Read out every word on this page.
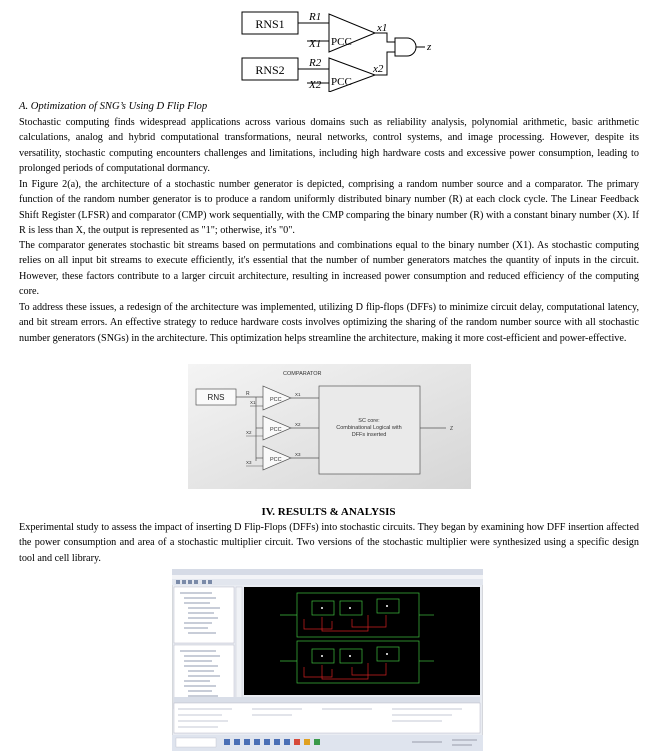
RNS1
RNS2
R1
R2
X1
X2
PCC
PCC
x1
x2
z
A. Optimization of SNG’s Using D Flip Flop

Stochastic computing finds widespread applications across various domains such as reliability analysis, polynomial arithmetic, basic arithmetic calculations, analog and hybrid computational transformations, neural networks, control systems, and image processing. However, despite its versatility, stochastic computing encounters challenges and limitations, including high hardware costs and excessive power consumption, leading to prolonged periods of computational dormancy.

In Figure 2(a), the architecture of a stochastic number generator is depicted, comprising a random number source and a comparator. The primary function of the random number generator is to produce a random uniformly distributed binary number (R) at each clock cycle. The Linear Feedback Shift Register (LFSR) and comparator (CMP) work sequentially, with the CMP comparing the binary number (R) with a constant binary number (X). If R is less than X, the output is represented as "1"; otherwise, it's "0".

The comparator generates stochastic bit streams based on permutations and combinations equal to the binary number (X1). As stochastic computing relies on all input bit streams to execute efficiently, it's essential that the number of number generators matches the quantity of inputs in the circuit. However, these factors contribute to a larger circuit architecture, resulting in increased power consumption and reduced efficiency of the computing core.

To address these issues, a redesign of the architecture was implemented, utilizing D flip-flops (DFFs) to minimize circuit delay, computational latency, and bit stream errors. An effective strategy to reduce hardware costs involves optimizing the sharing of the random number source with all stochastic number generators (SNGs) in the architecture. This optimization helps streamline the architecture, making it more cost-efficient and power-effective.

COMPARATOR
RNS	R
PCC
PCC
PCC
X1
X2
X3
X1
X2
X3
SC core:
Combinational Logical with
DFFs inserted
Z
IV. RESULTS & ANALYSIS

Experimental study to assess the impact of inserting D Flip-Flops (DFFs) into stochastic circuits. They began by examining how DFF insertion affected the power consumption and area of a stochastic multiplier circuit. Two versions of the stochastic multiplier were synthesized using a specific design tool and cell library.
